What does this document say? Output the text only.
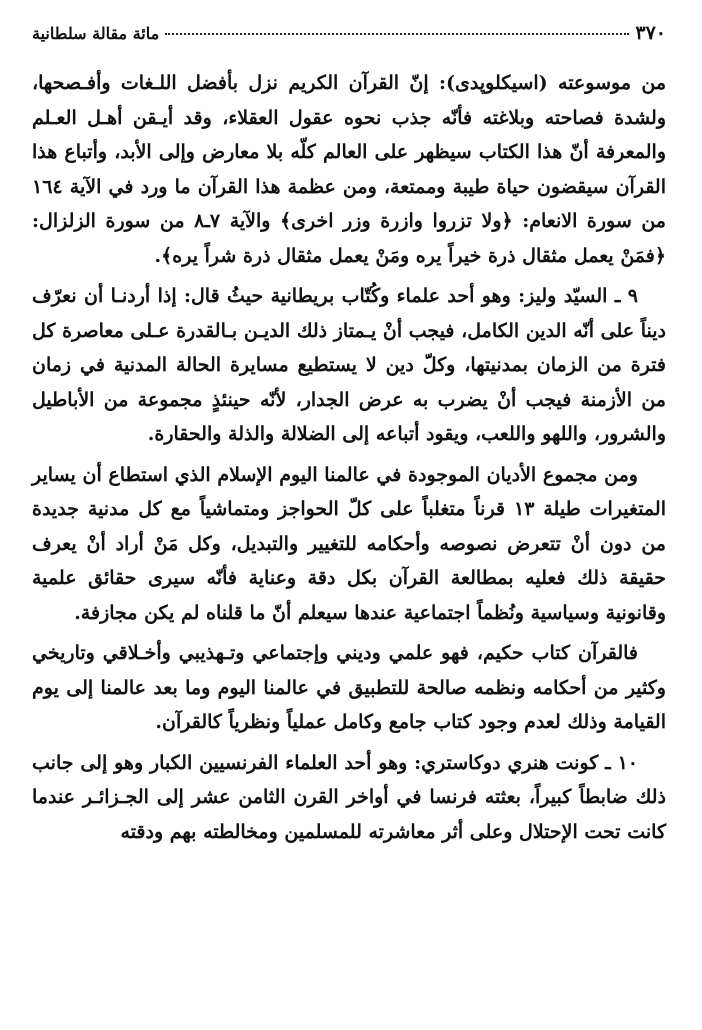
٣٧٠
مائة مقالة سلطانية

من موسوعته (اسيكلوپدى): إنّ القرآن الكريم نزل بأفضل اللـغات وأفـصحها، ولشدة فصاحته وبلاغته فأنّه جذب نحوه عقول العقلاء، وقد أيـقن أهـل العـلم والمعرفة أنّ هذا الكتاب سيظهر على العالم كلّه بلا معارض وإلى الأبد، وأتباع هذا القرآن سيقضون حياة طيبة وممتعة، ومن عظمة هذا القرآن ما ورد في الآية ١٦٤ من سورة الانعام: ﴿ولا تزروا وازرة وزر اخرى﴾ والآية ٧ـ٨ من سورة الزلزال: ﴿فمَنْ يعمل مثقال ذرة خيراً يره ومَنْ يعمل مثقال ذرة شراً يره﴾.

٩ ـ السيّد وليز: وهو أحد علماء وكُتّاب بريطانية حيثُ قال: إذا أردنـا أن نعرّف ديناً على أنّه الدين الكامل، فيجب أنْ يـمتاز ذلك الديـن بـالقدرة عـلى معاصرة كل فترة من الزمان بمدنيتها، وكلّ دين لا يستطيع مسايرة الحالة المدنية في زمان من الأزمنة فيجب أنْ يضرب به عرض الجدار، لأنّه حينئذٍ مجموعة من الأباطيل والشرور، واللهو واللعب، ويقود أتباعه إلى الضلالة والذلة والحقارة.

ومن مجموع الأديان الموجودة في عالمنا اليوم الإسلام الذي استطاع أن يساير المتغيرات طيلة ١٣ قرناً متغلباً على كلّ الحواجز ومتماشياً مع كل مدنية جديدة من دون أنْ تتعرض نصوصه وأحكامه للتغيير والتبديل، وكل مَنْ أراد أنْ يعرف حقيقة ذلك فعليه بمطالعة القرآن بكل دقة وعناية فأنّه سيرى حقائق علمية وقانونية وسياسية ونُظماً اجتماعية عندها سيعلم أنّ ما قلناه لم يكن مجازفة.

فالقرآن كتاب حكيم، فهو علمي وديني وإجتماعي وتـهذيبي وأخـلاقي وتاريخي وكثير من أحكامه ونظمه صالحة للتطبيق في عالمنا اليوم وما بعد عالمنا إلى يوم القيامة وذلك لعدم وجود كتاب جامع وكامل عملياً ونظرياً كالقرآن.

١٠ ـ كونت هنري دوكاستري: وهو أحد العلماء الفرنسيين الكبار وهو إلى جانب ذلك ضابطاً كبيراً، بعثته فرنسا في أواخر القرن الثامن عشر إلى الجـزائـر عندما كانت تحت الإحتلال وعلى أثر معاشرته للمسلمين ومخالطته بهم ودقته
